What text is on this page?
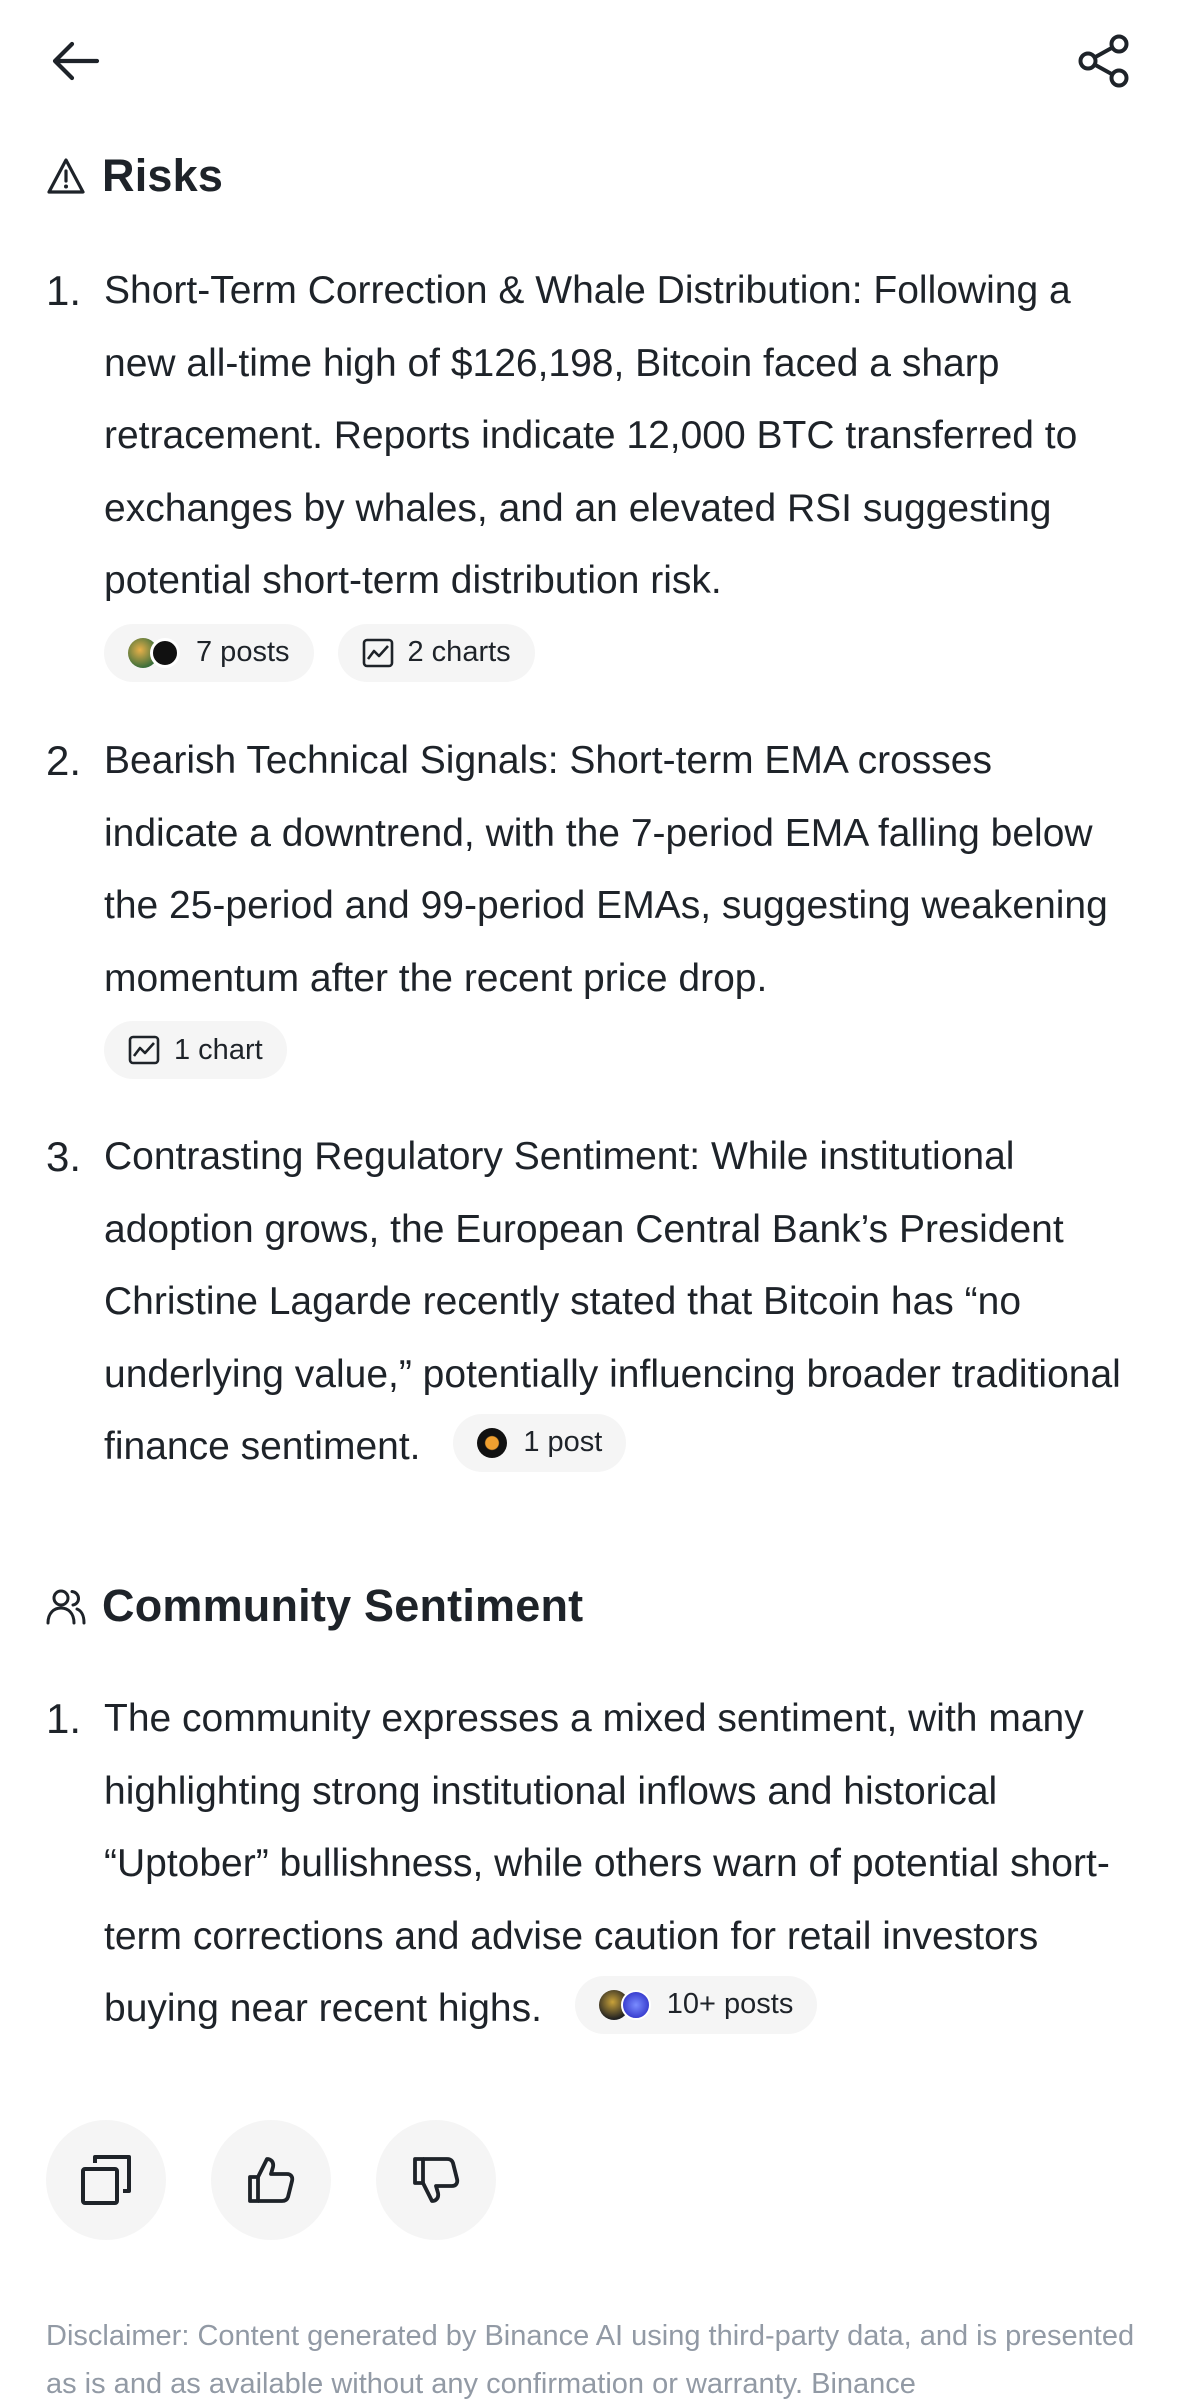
Risks
1. Short-Term Correction & Whale Distribution: Following a new all-time high of $126,198, Bitcoin faced a sharp retracement. Reports indicate 12,000 BTC transferred to exchanges by whales, and an elevated RSI suggesting potential short-term distribution risk.
7 posts	2 charts
2. Bearish Technical Signals: Short-term EMA crosses indicate a downtrend, with the 7-period EMA falling below the 25-period and 99-period EMAs, suggesting weakening momentum after the recent price drop.
1 chart
3. Contrasting Regulatory Sentiment: While institutional adoption grows, the European Central Bank’s President Christine Lagarde recently stated that Bitcoin has “no underlying value,” potentially influencing broader traditional finance sentiment.	1 post
Community Sentiment
1. The community expresses a mixed sentiment, with many highlighting strong institutional inflows and historical “Uptober” bullishness, while others warn of potential short-term corrections and advise caution for retail investors buying near recent highs.	10+ posts
Disclaimer: Content generated by Binance AI using third-party data, and is presented as is and as available without any confirmation or warranty. Binance
